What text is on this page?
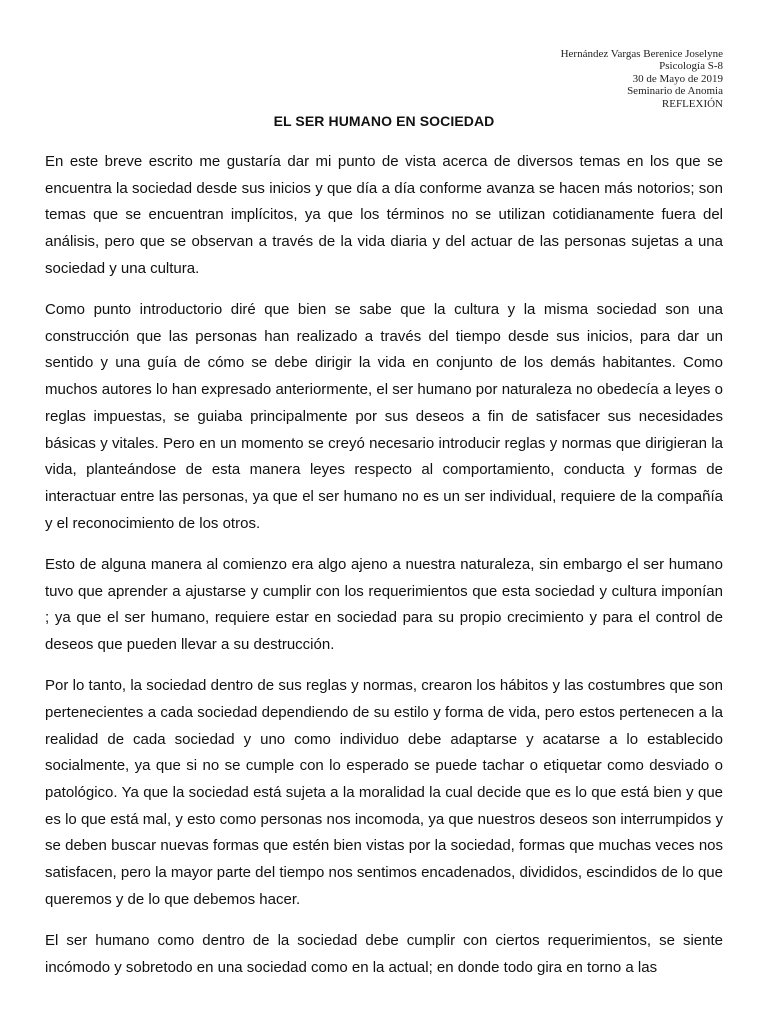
Hernández Vargas Berenice Joselyne
Psicología S-8
30 de Mayo de 2019
Seminario de Anomia
REFLEXIÓN
EL SER HUMANO EN SOCIEDAD

En este breve escrito me gustaría dar mi punto de vista acerca de diversos temas en los que se encuentra la sociedad desde sus inicios y que día a día conforme avanza se hacen más notorios; son temas que se encuentran implícitos, ya que los términos no se utilizan cotidianamente fuera del análisis, pero que se observan a través de la vida diaria y del actuar de las personas sujetas a una sociedad y una cultura.

Como punto introductorio diré que bien se sabe que la cultura y la misma sociedad son una construcción que las personas han realizado a través del tiempo desde sus inicios, para dar un sentido y una guía de cómo se debe dirigir la vida en conjunto de los demás habitantes. Como muchos autores lo han expresado anteriormente, el ser humano por naturaleza no obedecía a leyes o reglas impuestas, se guiaba principalmente por sus deseos a fin de satisfacer sus necesidades básicas y vitales. Pero en un momento se creyó necesario introducir reglas y normas que dirigieran la vida, planteándose de esta manera leyes respecto al comportamiento, conducta y formas de interactuar entre las personas, ya que el ser humano no es un ser individual, requiere de la compañía y el reconocimiento de los otros.

Esto de alguna manera al comienzo era algo ajeno a nuestra naturaleza, sin embargo el ser humano tuvo que aprender a ajustarse y cumplir con los requerimientos que esta sociedad y cultura imponían ; ya que el ser humano, requiere estar en sociedad para su propio crecimiento y para el control de deseos que pueden llevar a su destrucción.

Por lo tanto, la sociedad dentro de sus reglas y normas, crearon los hábitos y las costumbres que son pertenecientes a cada sociedad dependiendo de su estilo y forma de vida, pero estos pertenecen a la realidad de cada sociedad y uno como individuo debe adaptarse y acatarse a lo establecido socialmente, ya que si no se cumple con lo esperado se puede tachar o etiquetar como desviado o patológico. Ya que la sociedad está sujeta a la moralidad la cual decide que es lo que está bien y que es lo que está mal, y esto como personas nos incomoda, ya que nuestros deseos son interrumpidos y se deben buscar nuevas formas que estén bien vistas por la sociedad, formas que muchas veces nos satisfacen, pero la mayor parte del tiempo nos sentimos encadenados, divididos, escindidos de lo que queremos y de lo que debemos hacer.

El ser humano como dentro de la sociedad debe cumplir con ciertos requerimientos, se siente incómodo y sobretodo en una sociedad como en la actual; en donde todo gira en torno a las
